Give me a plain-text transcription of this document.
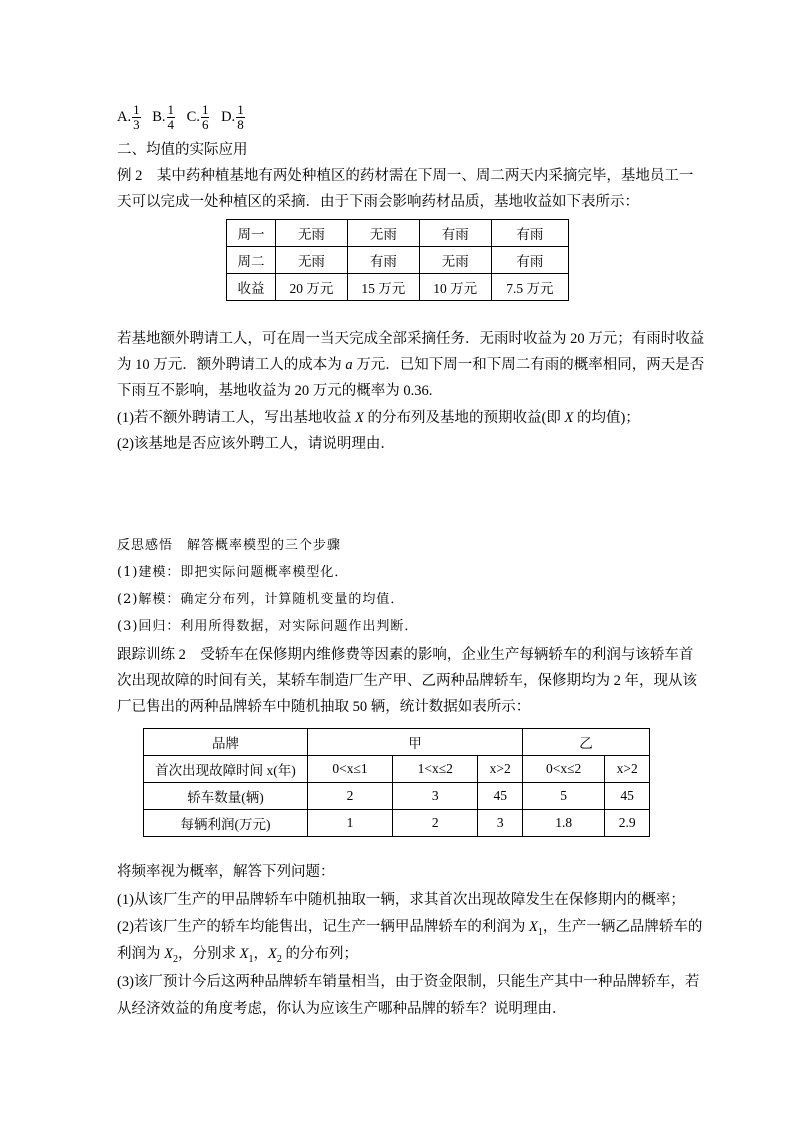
A. $\frac{1}{3} B$. $\frac{1}{4} C$. $\frac{1}{6} D$. $\frac{1}{8}$
二、均值的实际应用
例 2　 某中药种植基地有两处种植区的药材需在下周一、周二两天内采摘完毕，基地员工一
天可以完成一处种植区的采摘．由于下雨会影响药材品质，基地收益如下表所示：
周一	无雨	无雨	有雨	有雨
周二	无雨	有雨	无雨	有雨
收益	20 万元	15 万元	10 万元	7.5 万元
若基地额外聘请工人，可在周一当天完成全部采摘任务．无雨时收益为 20 万元；有雨时收益
为 10 万元．额外聘请工人的成本为 a 万元．已知下周一和下周二有雨的概率相同，两天是否
下雨互不影响，基地收益为 20 万元的概率为 0.36.
(1)若不额外聘请工人，写出基地收益 X 的分布列及基地的预期收益(即 X 的均值)；
(2)该基地是否应该外聘工人，请说明理由．
反思感悟　 解答概率模型的三个步骤
(1)建模：即把实际问题概率模型化．
(2)解模：确定分布列，计算随机变量的均值．
(3)回归：利用所得数据，对实际问题作出判断．
跟踪训练 2　 受轿车在保修期内维修费等因素的影响，企业生产每辆轿车的利润与该轿车首
次出现故障的时间有关，某轿车制造厂生产甲、乙两种品牌轿车，保修期均为 2 年，现从该
厂已售出的两种品牌轿车中随机抽取 50 辆，统计数据如表所示：
品牌	甲			乙	
首次出现故障时间 x(年)	0<x≤1	1<x≤2	x>2	0<x≤2	x>2
轿车数量(辆)	2	3	45	5	45
每辆利润(万元)	1	2	3	1.8	2.9
将频率视为概率，解答下列问题：
(1)从该厂生产的甲品牌轿车中随机抽取一辆，求其首次出现故障发生在保修期内的概率；
(2)若该厂生产的轿车均能售出，记生产一辆甲品牌轿车的利润为 $X_1$，生产一辆乙品牌轿车的
利润为 $X_2$，分别求 $X_1$，$X_2$ 的分布列；
(3)该厂预计今后这两种品牌轿车销量相当，由于资金限制，只能生产其中一种品牌轿车，若
从经济效益的角度考虑，你认为应该生产哪种品牌的轿车？说明理由．
